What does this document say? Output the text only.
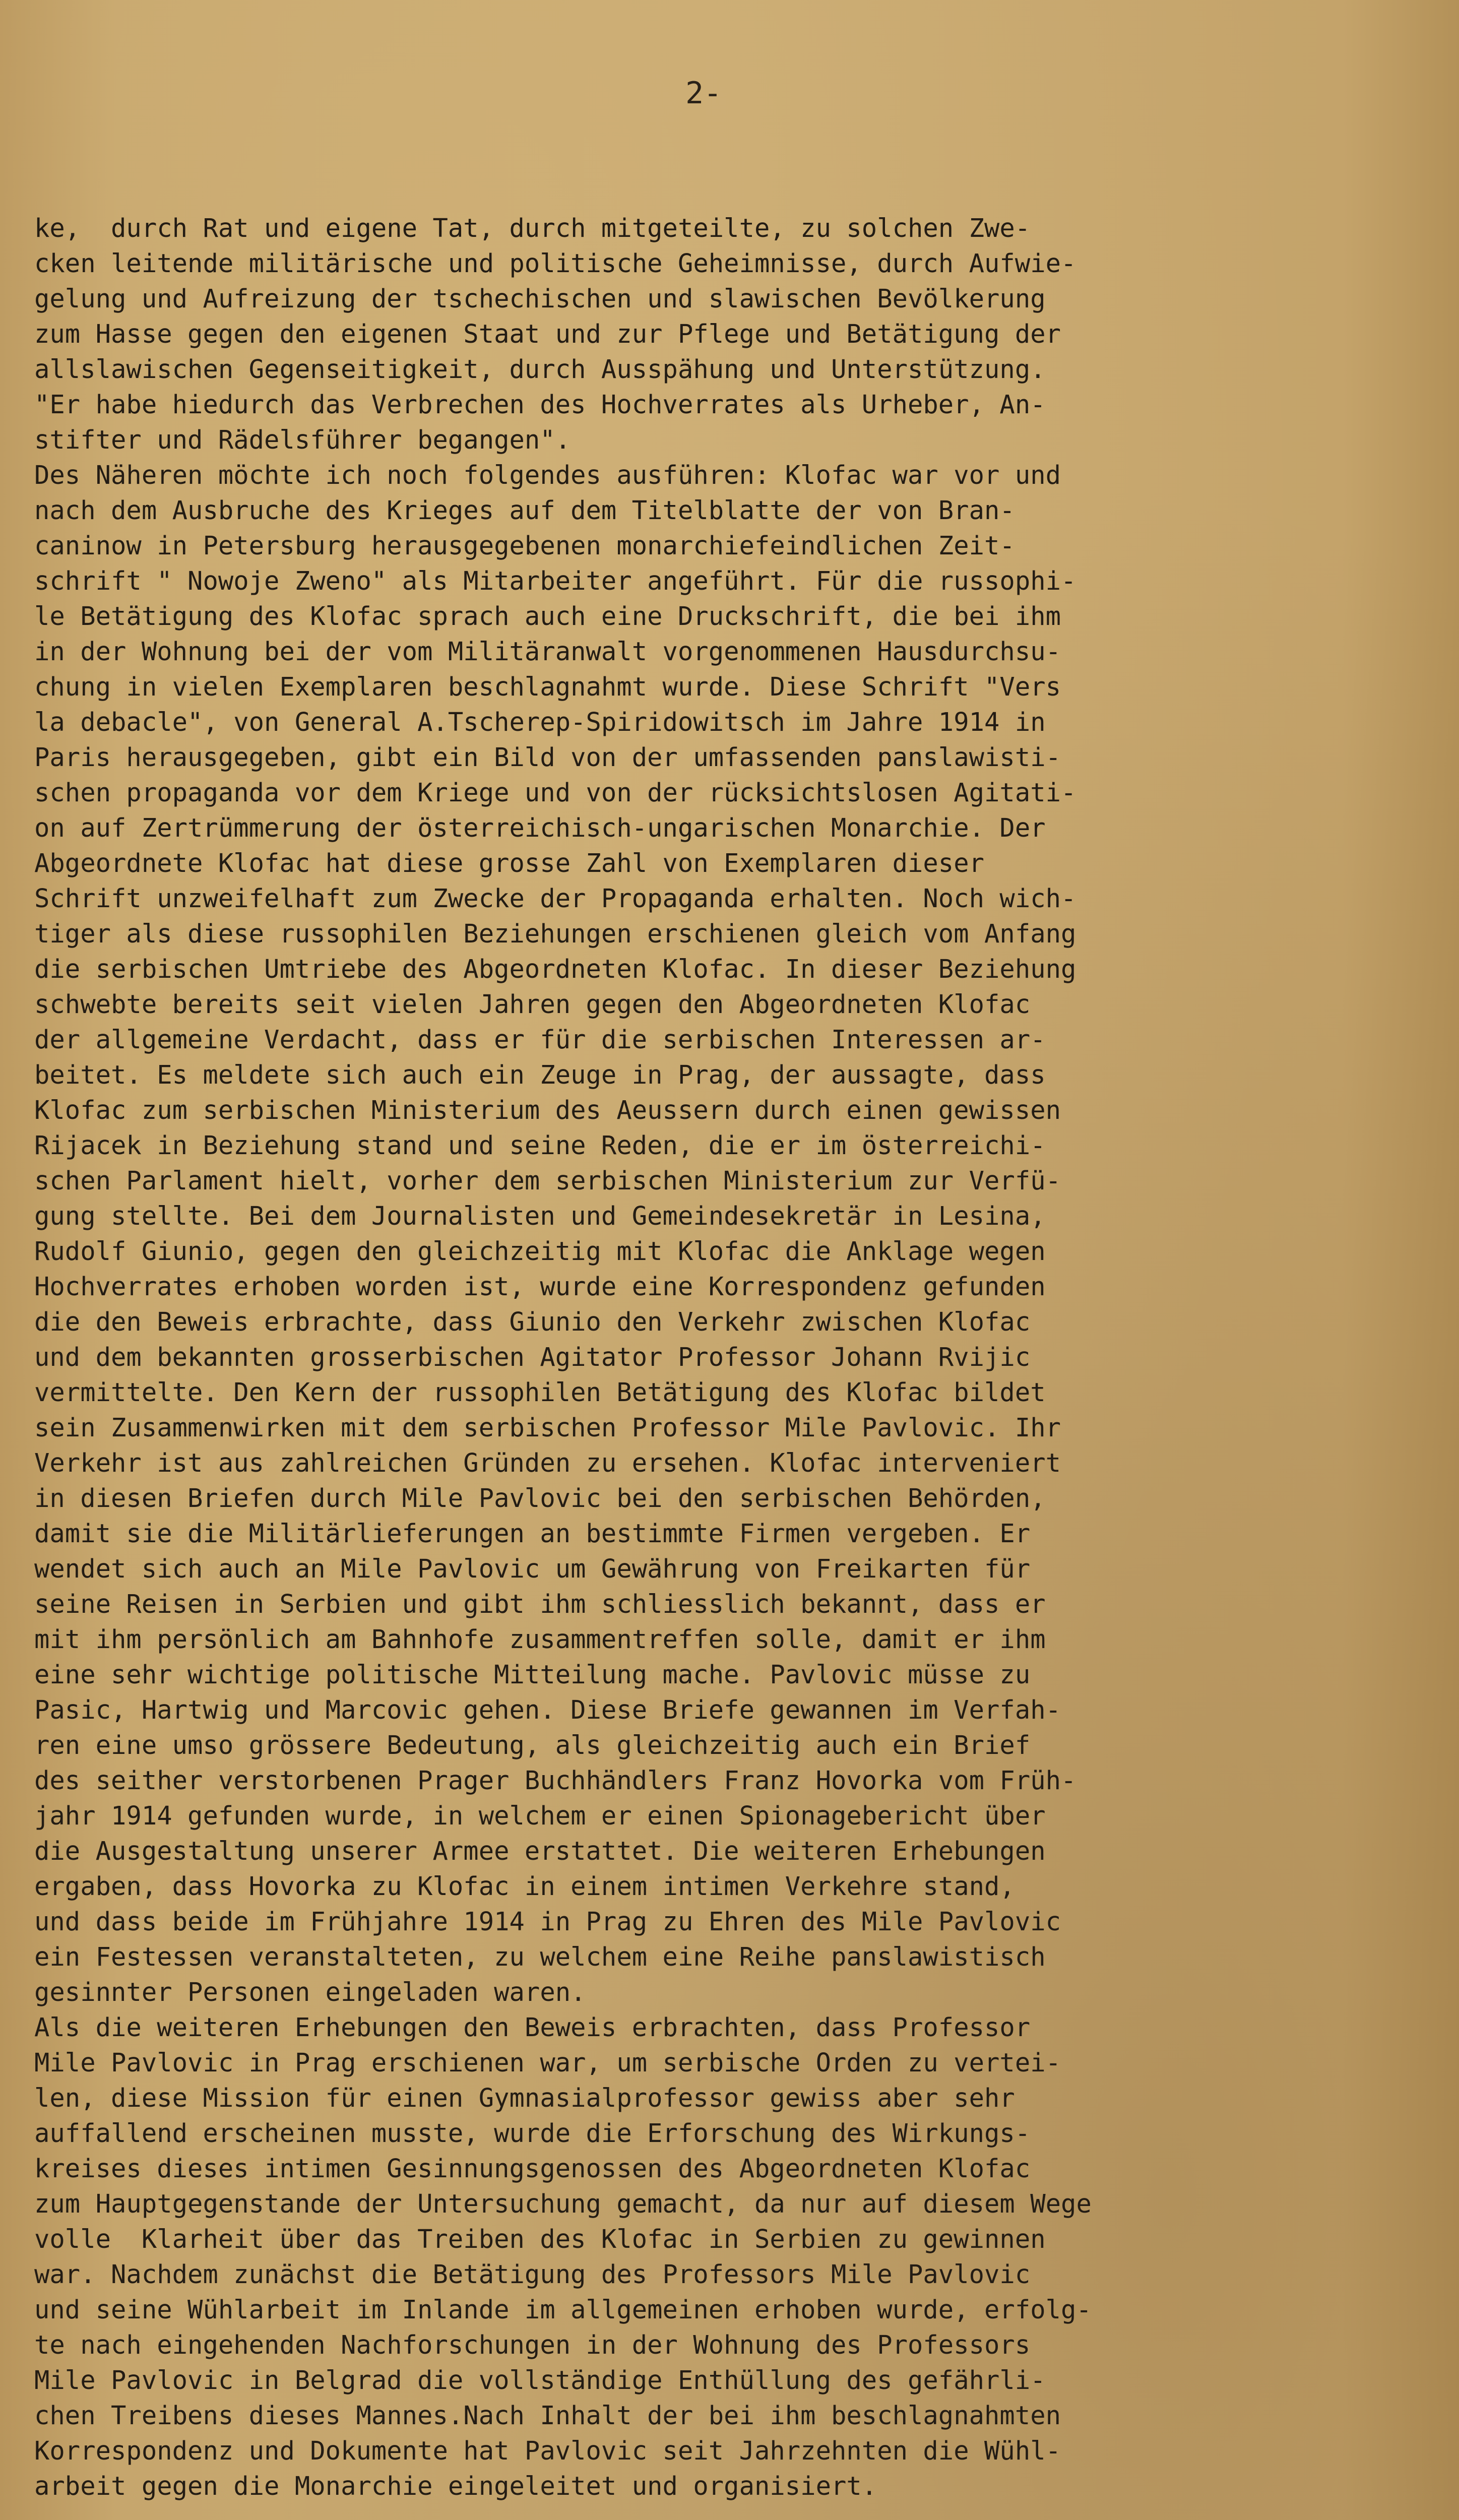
2-
ke,  durch Rat und eigene Tat, durch mitgeteilte, zu solchen Zwe-
cken leitende militärische und politische Geheimnisse, durch Aufwie-
gelung und Aufreizung der tschechischen und slawischen Bevölkerung
zum Hasse gegen den eigenen Staat und zur Pflege und Betätigung der
allslawischen Gegenseitigkeit, durch Ausspähung und Unterstützung.
"Er habe hiedurch das Verbrechen des Hochverrates als Urheber, An-
stifter und Rädelsführer begangen".
Des Näheren möchte ich noch folgendes ausführen: Klofac war vor und
nach dem Ausbruche des Krieges auf dem Titelblatte der von Bran-
caninow in Petersburg herausgegebenen monarchiefeindlichen Zeit-
schrift " Nowoje Zweno" als Mitarbeiter angeführt. Für die russophi-
le Betätigung des Klofac sprach auch eine Druckschrift, die bei ihm
in der Wohnung bei der vom Militäranwalt vorgenommenen Hausdurchsu-
chung in vielen Exemplaren beschlagnahmt wurde. Diese Schrift "Vers
la debacle", von General A.Tscherep-Spiridowitsch im Jahre 1914 in
Paris herausgegeben, gibt ein Bild von der umfassenden panslawisti-
schen propaganda vor dem Kriege und von der rücksichtslosen Agitati-
on auf Zertrümmerung der österreichisch-ungarischen Monarchie. Der
Abgeordnete Klofac hat diese grosse Zahl von Exemplaren dieser
Schrift unzweifelhaft zum Zwecke der Propaganda erhalten. Noch wich-
tiger als diese russophilen Beziehungen erschienen gleich vom Anfang
die serbischen Umtriebe des Abgeordneten Klofac. In dieser Beziehung
schwebte bereits seit vielen Jahren gegen den Abgeordneten Klofac
der allgemeine Verdacht, dass er für die serbischen Interessen ar-
beitet. Es meldete sich auch ein Zeuge in Prag, der aussagte, dass
Klofac zum serbischen Ministerium des Aeussern durch einen gewissen
Rijacek in Beziehung stand und seine Reden, die er im österreichi-
schen Parlament hielt, vorher dem serbischen Ministerium zur Verfü-
gung stellte. Bei dem Journalisten und Gemeindesekretär in Lesina,
Rudolf Giunio, gegen den gleichzeitig mit Klofac die Anklage wegen
Hochverrates erhoben worden ist, wurde eine Korrespondenz gefunden
die den Beweis erbrachte, dass Giunio den Verkehr zwischen Klofac
und dem bekannten grosserbischen Agitator Professor Johann Rvijic
vermittelte. Den Kern der russophilen Betätigung des Klofac bildet
sein Zusammenwirken mit dem serbischen Professor Mile Pavlovic. Ihr
Verkehr ist aus zahlreichen Gründen zu ersehen. Klofac interveniert
in diesen Briefen durch Mile Pavlovic bei den serbischen Behörden,
damit sie die Militärlieferungen an bestimmte Firmen vergeben. Er
wendet sich auch an Mile Pavlovic um Gewährung von Freikarten für
seine Reisen in Serbien und gibt ihm schliesslich bekannt, dass er
mit ihm persönlich am Bahnhofe zusammentreffen solle, damit er ihm
eine sehr wichtige politische Mitteilung mache. Pavlovic müsse zu
Pasic, Hartwig und Marcovic gehen. Diese Briefe gewannen im Verfah-
ren eine umso grössere Bedeutung, als gleichzeitig auch ein Brief
des seither verstorbenen Prager Buchhändlers Franz Hovorka vom Früh-
jahr 1914 gefunden wurde, in welchem er einen Spionagebericht über
die Ausgestaltung unserer Armee erstattet. Die weiteren Erhebungen
ergaben, dass Hovorka zu Klofac in einem intimen Verkehre stand,
und dass beide im Frühjahre 1914 in Prag zu Ehren des Mile Pavlovic
ein Festessen veranstalteten, zu welchem eine Reihe panslawistisch
gesinnter Personen eingeladen waren.
Als die weiteren Erhebungen den Beweis erbrachten, dass Professor
Mile Pavlovic in Prag erschienen war, um serbische Orden zu vertei-
len, diese Mission für einen Gymnasialprofessor gewiss aber sehr
auffallend erscheinen musste, wurde die Erforschung des Wirkungs-
kreises dieses intimen Gesinnungsgenossen des Abgeordneten Klofac
zum Hauptgegenstande der Untersuchung gemacht, da nur auf diesem Wege
volle  Klarheit über das Treiben des Klofac in Serbien zu gewinnen
war. Nachdem zunächst die Betätigung des Professors Mile Pavlovic
und seine Wühlarbeit im Inlande im allgemeinen erhoben wurde, erfolg-
te nach eingehenden Nachforschungen in der Wohnung des Professors
Mile Pavlovic in Belgrad die vollständige Enthüllung des gefährli-
chen Treibens dieses Mannes.Nach Inhalt der bei ihm beschlagnahmten
Korrespondenz und Dokumente hat Pavlovic seit Jahrzehnten die Wühl-
arbeit gegen die Monarchie eingeleitet und organisiert.
